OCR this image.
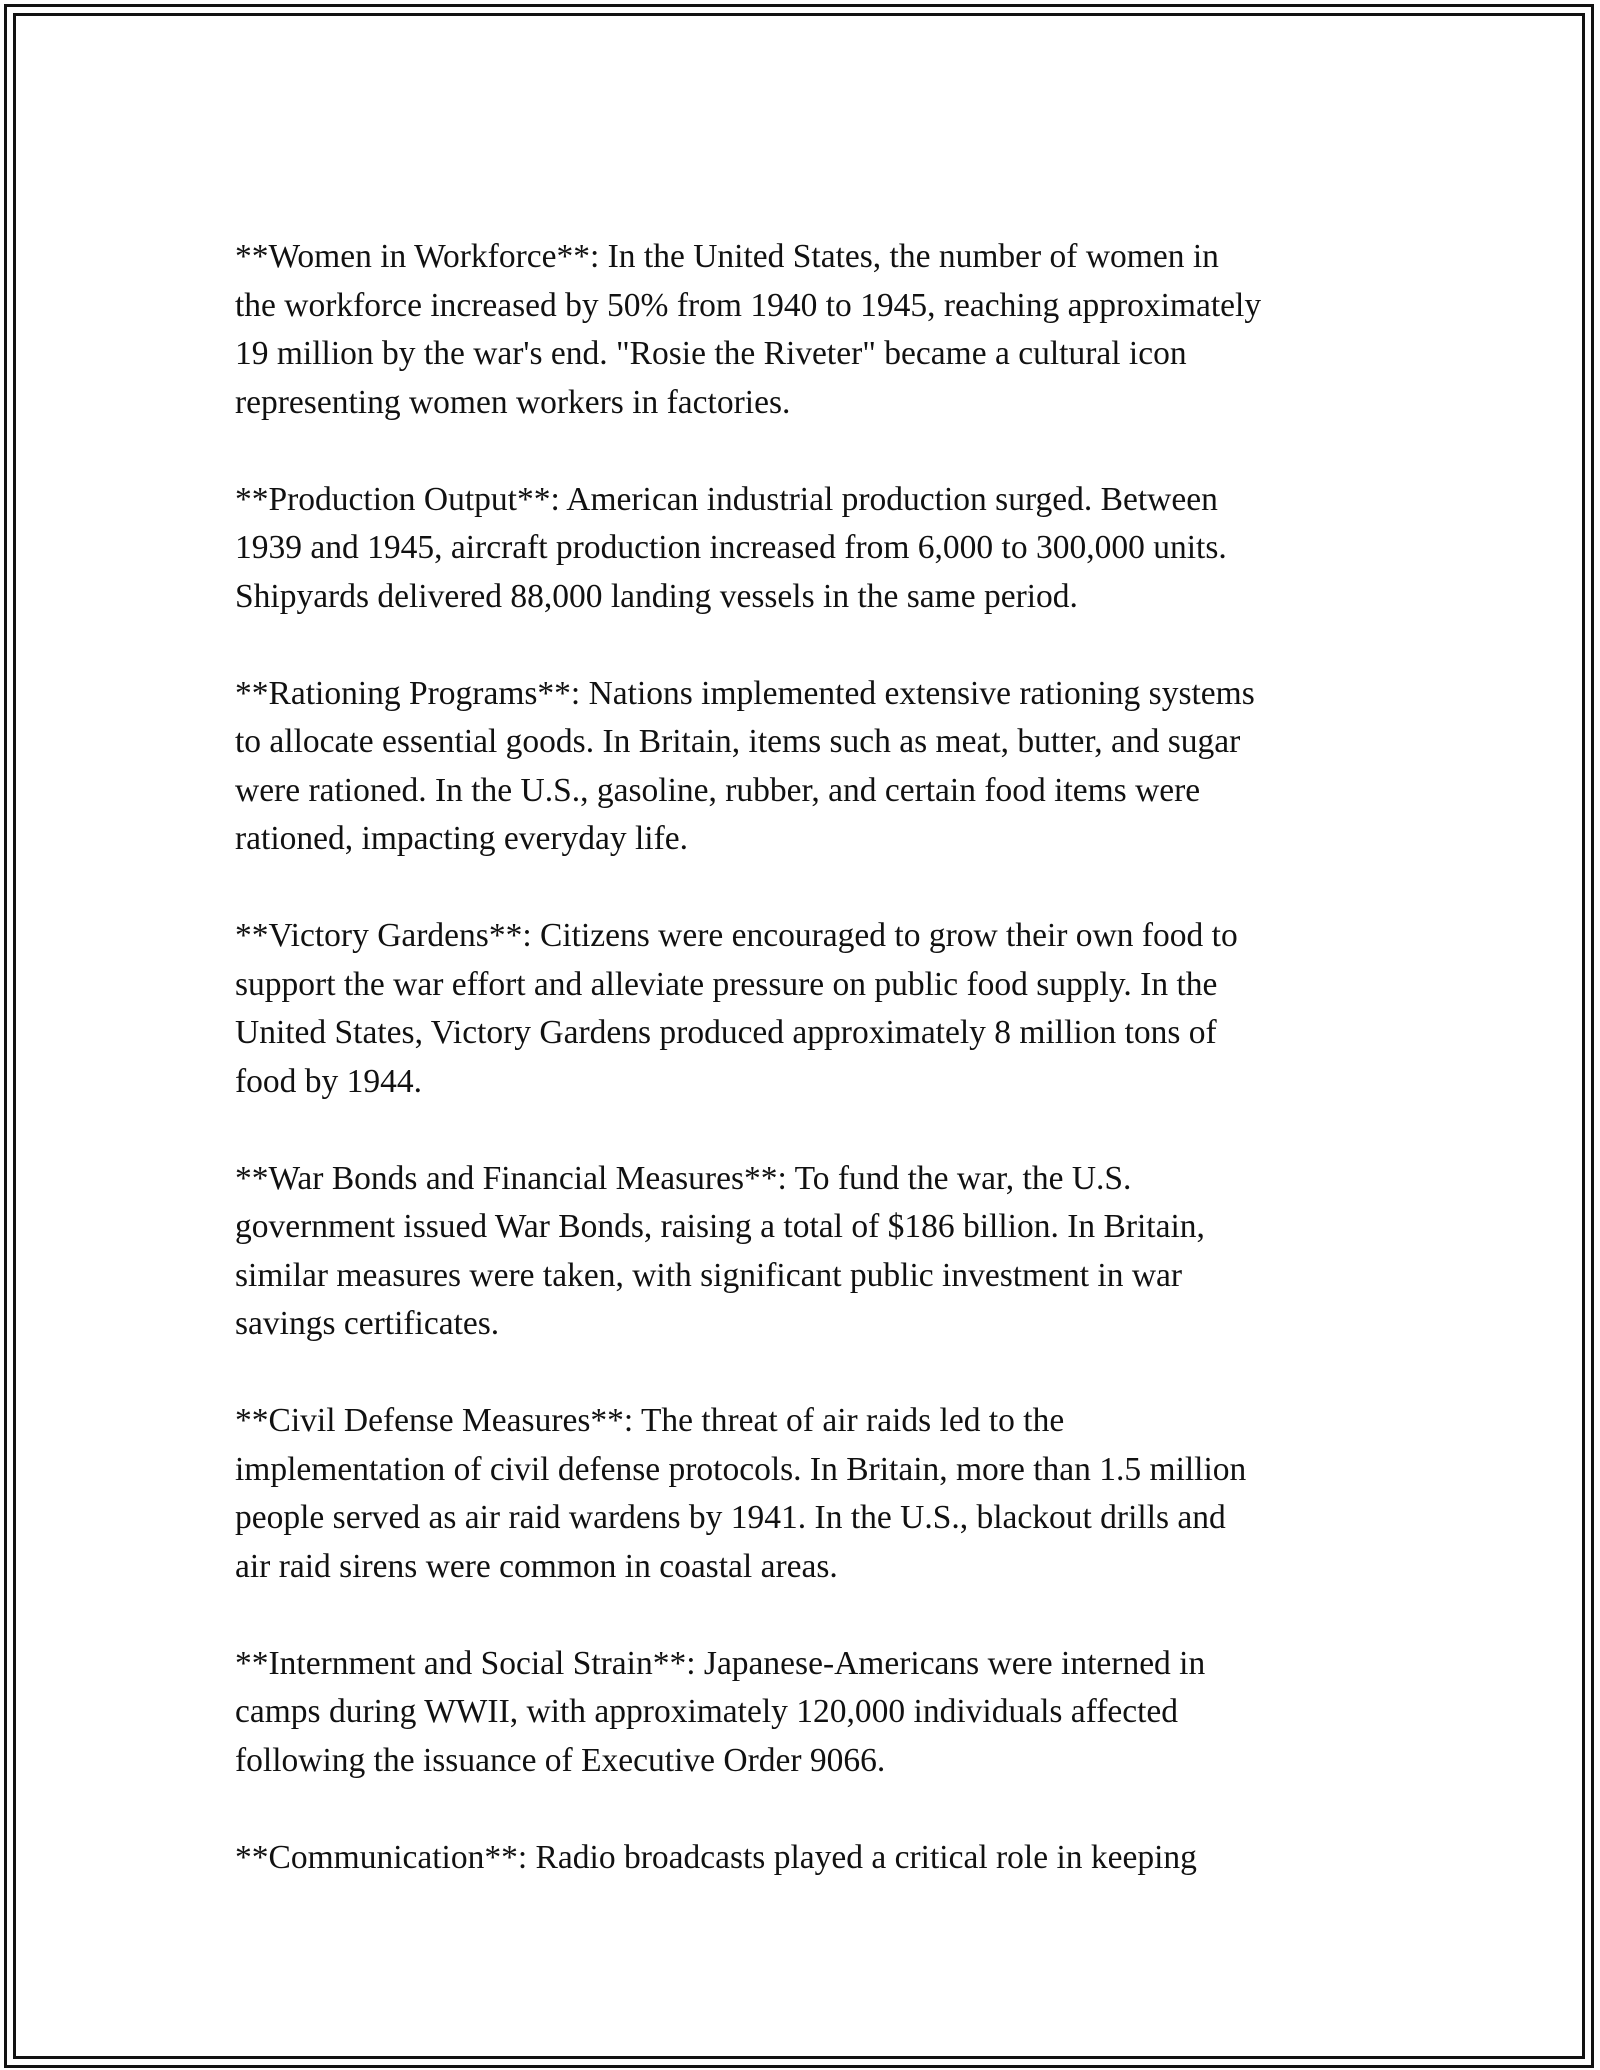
**Women in Workforce**: In the United States, the number of women in
the workforce increased by 50% from 1940 to 1945, reaching approximately
19 million by the war's end. "Rosie the Riveter" became a cultural icon
representing women workers in factories.

**Production Output**: American industrial production surged. Between
1939 and 1945, aircraft production increased from 6,000 to 300,000 units.
Shipyards delivered 88,000 landing vessels in the same period.

**Rationing Programs**: Nations implemented extensive rationing systems
to allocate essential goods. In Britain, items such as meat, butter, and sugar
were rationed. In the U.S., gasoline, rubber, and certain food items were
rationed, impacting everyday life.

**Victory Gardens**: Citizens were encouraged to grow their own food to
support the war effort and alleviate pressure on public food supply. In the
United States, Victory Gardens produced approximately 8 million tons of
food by 1944.

**War Bonds and Financial Measures**: To fund the war, the U.S.
government issued War Bonds, raising a total of $186 billion. In Britain,
similar measures were taken, with significant public investment in war
savings certificates.

**Civil Defense Measures**: The threat of air raids led to the
implementation of civil defense protocols. In Britain, more than 1.5 million
people served as air raid wardens by 1941. In the U.S., blackout drills and
air raid sirens were common in coastal areas.

**Internment and Social Strain**: Japanese-Americans were interned in
camps during WWII, with approximately 120,000 individuals affected
following the issuance of Executive Order 9066.

**Communication**: Radio broadcasts played a critical role in keeping
